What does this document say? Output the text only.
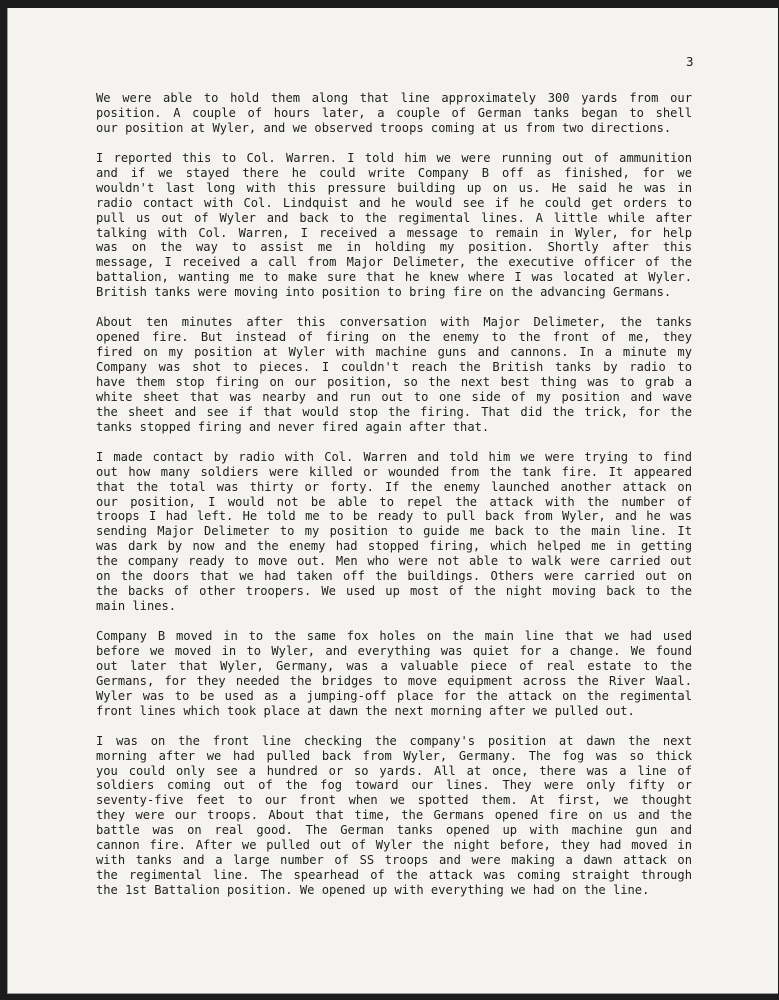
3
We were able to hold them along that line approximately 300 yards from our
position. A couple of hours later, a couple of German tanks began to shell
our position at Wyler, and we observed troops coming at us from two directions.
I reported this to Col. Warren. I told him we were running out of ammunition
and if we stayed there he could write Company B off as finished, for we
wouldn't last long with this pressure building up on us. He said he was in
radio contact with Col. Lindquist and he would see if he could get orders to
pull us out of Wyler and back to the regimental lines. A little while after
talking with Col. Warren, I received a message to remain in Wyler, for help
was on the way to assist me in holding my position. Shortly after this
message, I received a call from Major Delimeter, the executive officer of the
battalion, wanting me to make sure that he knew where I was located at Wyler.
British tanks were moving into position to bring fire on the advancing Germans.
About ten minutes after this conversation with Major Delimeter, the tanks
opened fire. But instead of firing on the enemy to the front of me, they
fired on my position at Wyler with machine guns and cannons. In a minute my
Company was shot to pieces. I couldn't reach the British tanks by radio to
have them stop firing on our position, so the next best thing was to grab a
white sheet that was nearby and run out to one side of my position and wave
the sheet and see if that would stop the firing. That did the trick, for the
tanks stopped firing and never fired again after that.
I made contact by radio with Col. Warren and told him we were trying to find
out how many soldiers were killed or wounded from the tank fire. It appeared
that the total was thirty or forty. If the enemy launched another attack on
our position, I would not be able to repel the attack with the number of
troops I had left. He told me to be ready to pull back from Wyler, and he was
sending Major Delimeter to my position to guide me back to the main line. It
was dark by now and the enemy had stopped firing, which helped me in getting
the company ready to move out. Men who were not able to walk were carried out
on the doors that we had taken off the buildings. Others were carried out on
the backs of other troopers. We used up most of the night moving back to the
main lines.
Company B moved in to the same fox holes on the main line that we had used
before we moved in to Wyler, and everything was quiet for a change. We found
out later that Wyler, Germany, was a valuable piece of real estate to the
Germans, for they needed the bridges to move equipment across the River Waal.
Wyler was to be used as a jumping-off place for the attack on the regimental
front lines which took place at dawn the next morning after we pulled out.
I was on the front line checking the company's position at dawn the next
morning after we had pulled back from Wyler, Germany. The fog was so thick
you could only see a hundred or so yards. All at once, there was a line of
soldiers coming out of the fog toward our lines. They were only fifty or
seventy-five feet to our front when we spotted them. At first, we thought
they were our troops. About that time, the Germans opened fire on us and the
battle was on real good. The German tanks opened up with machine gun and
cannon fire. After we pulled out of Wyler the night before, they had moved in
with tanks and a large number of SS troops and were making a dawn attack on
the regimental line. The spearhead of the attack was coming straight through
the 1st Battalion position. We opened up with everything we had on the line.
